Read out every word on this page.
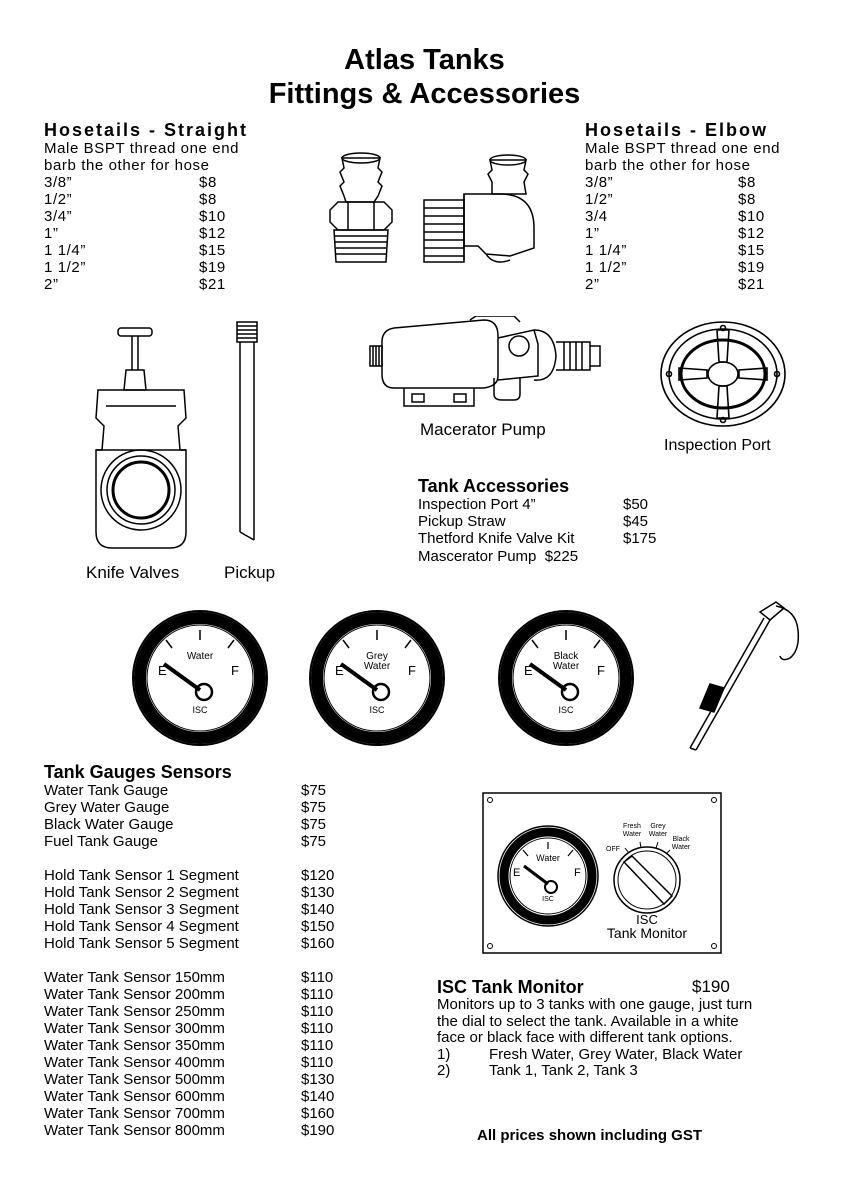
Atlas Tanks
Fittings & Accessories
Hosetails - Straight
Male BSPT thread one end
barb the other for hose
3/8”	$8
1/2”	$8
3/4”	$10
1”	$12
1 1/4”	$15
1 1/2”	$19
2”	$21
Hosetails - Elbow
Male BSPT thread one end
barb the other for hose
3/8”	$8
1/2”	$8
3/4	$10
1”	$12
1 1/4”	$15
1 1/2”	$19
2”	$21
Macerator Pump
Inspection Port
Knife Valves	Pickup
Tank Accessories
Inspection Port 4”	$50
Pickup Straw	$45
Thetford Knife Valve Kit	$175
Mascerator Pump  $225
Water
E	F
ISC
Grey
Water
E	F
ISC
Black
Water
E	F
ISC
Tank Gauges Sensors
Water Tank Gauge	$75
Grey Water Gauge	$75
Black Water Gauge	$75
Fuel Tank Gauge	$75
Hold Tank Sensor 1 Segment	$120
Hold Tank Sensor 2 Segment	$130
Hold Tank Sensor 3 Segment	$140
Hold Tank Sensor 4 Segment	$150
Hold Tank Sensor 5 Segment	$160
Water Tank Sensor 150mm	$110
Water Tank Sensor 200mm	$110
Water Tank Sensor 250mm	$110
Water Tank Sensor 300mm	$110
Water Tank Sensor 350mm	$110
Water Tank Sensor 400mm	$110
Water Tank Sensor 500mm	$130
Water Tank Sensor 600mm	$140
Water Tank Sensor 700mm	$160
Water Tank Sensor 800mm	$190
Water
E	F
ISC
Fresh
Water
Grey
Water
Black
Water
OFF
ISC
Tank Monitor
ISC Tank Monitor	$190
Monitors up to 3 tanks with one gauge, just turn
the dial to select the tank. Available in a white
face or black face with different tank options.
1)	Fresh Water, Grey Water, Black Water
2)	Tank 1, Tank 2, Tank 3
All prices shown including GST
